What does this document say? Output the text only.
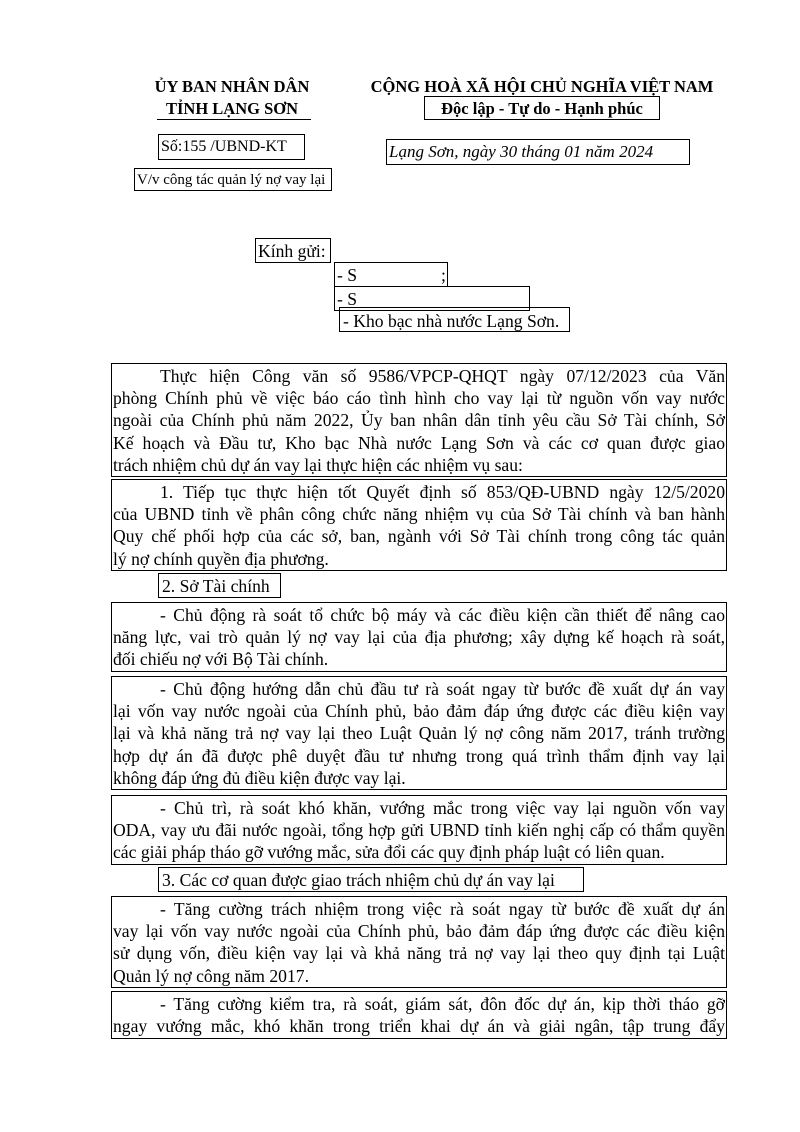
ỦY BAN NHÂN DÂN
TỈNH LẠNG SƠN
CỘNG HOÀ XÃ HỘI CHỦ NGHĨA VIỆT NAM
Độc lập - Tự do - Hạnh phúc
Số:155 /UBND-KT	Lạng Sơn, ngày 30 tháng 01 năm 2024
V/v công tác quản lý nợ vay lại
Kính gửi:
- S	;
- S
- Kho bạc nhà nước Lạng Sơn.
Thực hiện Công văn số 9586/VPCP-QHQT ngày 07/12/2023 của Văn
phòng Chính phủ về việc báo cáo tình hình cho vay lại từ nguồn vốn vay nước
ngoài của Chính phủ năm 2022, Ủy ban nhân dân tỉnh yêu cầu Sở Tài chính, Sở
Kế hoạch và Đầu tư, Kho bạc Nhà nước Lạng Sơn và các cơ quan được giao
trách nhiệm chủ dự án vay lại thực hiện các nhiệm vụ sau:
1. Tiếp tục thực hiện tốt Quyết định số 853/QĐ-UBND ngày 12/5/2020
của UBND tỉnh về phân công chức năng nhiệm vụ của Sở Tài chính và ban hành
Quy chế phối hợp của các sở, ban, ngành với Sở Tài chính trong công tác quản
lý nợ chính quyền địa phương.
2. Sở Tài chính
- Chủ động rà soát tổ chức bộ máy và các điều kiện cần thiết để nâng cao
năng lực, vai trò quản lý nợ vay lại của địa phương; xây dựng kế hoạch rà soát,
đối chiếu nợ với Bộ Tài chính.
- Chủ động hướng dẫn chủ đầu tư rà soát ngay từ bước đề xuất dự án vay
lại vốn vay nước ngoài của Chính phủ, bảo đảm đáp ứng được các điều kiện vay
lại và khả năng trả nợ vay lại theo Luật Quản lý nợ công năm 2017, tránh trường
hợp dự án đã được phê duyệt đầu tư nhưng trong quá trình thẩm định vay lại
không đáp ứng đủ điều kiện được vay lại.
- Chủ trì, rà soát khó khăn, vướng mắc trong việc vay lại nguồn vốn vay
ODA, vay ưu đãi nước ngoài, tổng hợp gửi UBND tỉnh kiến nghị cấp có thẩm quyền
các giải pháp tháo gỡ vướng mắc, sửa đổi các quy định pháp luật có liên quan.
3. Các cơ quan được giao trách nhiệm chủ dự án vay lại
- Tăng cường trách nhiệm trong việc rà soát ngay từ bước đề xuất dự án
vay lại vốn vay nước ngoài của Chính phủ, bảo đảm đáp ứng được các điều kiện
sử dụng vốn, điều kiện vay lại và khả năng trả nợ vay lại theo quy định tại Luật
Quản lý nợ công năm 2017.
- Tăng cường kiểm tra, rà soát, giám sát, đôn đốc dự án, kịp thời tháo gỡ
ngay vướng mắc, khó khăn trong triển khai dự án và giải ngân, tập trung đẩy
